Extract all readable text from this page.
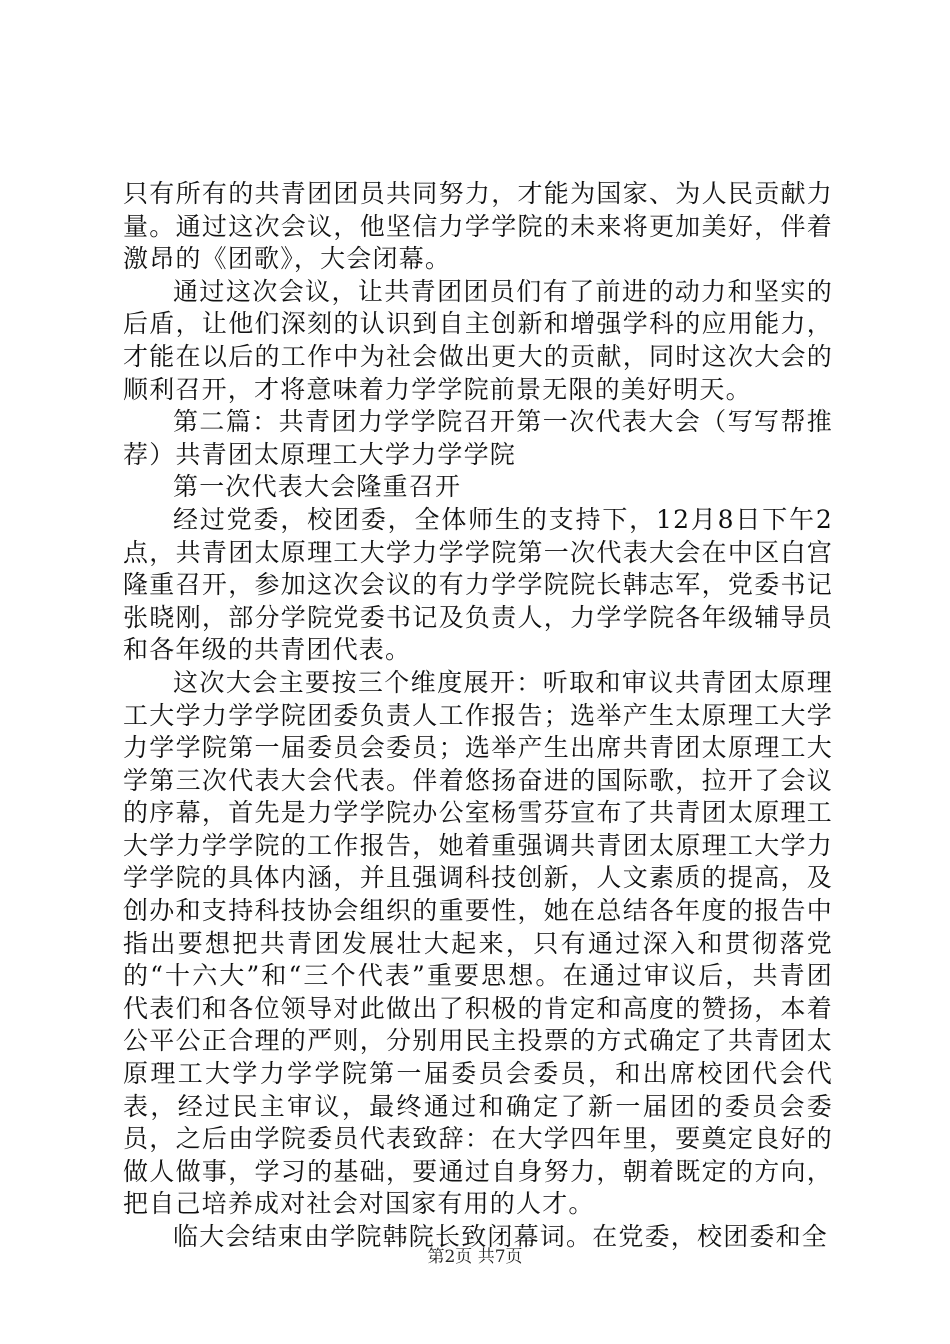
只有所有的共青团团员共同努力，才能为国家、为人民贡献力量。通过这次会议，他坚信力学学院的未来将更加美好，伴着激昂的《团歌》，大会闭幕。

通过这次会议，让共青团团员们有了前进的动力和坚实的后盾，让他们深刻的认识到自主创新和增强学科的应用能力，才能在以后的工作中为社会做出更大的贡献，同时这次大会的顺利召开，才将意味着力学学院前景无限的美好明天。

第二篇：共青团力学学院召开第一次代表大会（写写帮推荐）共青团太原理工大学力学学院

第一次代表大会隆重召开

经过党委，校团委，全体师生的支持下，12月8日下午2点，共青团太原理工大学力学学院第一次代表大会在中区白宫隆重召开，参加这次会议的有力学学院院长韩志军，党委书记张晓刚，部分学院党委书记及负责人，力学学院各年级辅导员和各年级的共青团代表。

这次大会主要按三个维度展开：听取和审议共青团太原理工大学力学学院团委负责人工作报告；选举产生太原理工大学力学学院第一届委员会委员；选举产生出席共青团太原理工大学第三次代表大会代表。伴着悠扬奋进的国际歌，拉开了会议的序幕，首先是力学学院办公室杨雪芬宣布了共青团太原理工大学力学学院的工作报告，她着重强调共青团太原理工大学力学学院的具体内涵，并且强调科技创新，人文素质的提高，及创办和支持科技协会组织的重要性，她在总结各年度的报告中指出要想把共青团发展壮大起来，只有通过深入和贯彻落党的“十六大”和“三个代表”重要思想。在通过审议后，共青团代表们和各位领导对此做出了积极的肯定和高度的赞扬，本着公平公正合理的严则，分别用民主投票的方式确定了共青团太原理工大学力学学院第一届委员会委员，和出席校团代会代表，经过民主审议，最终通过和确定了新一届团的委员会委员，之后由学院委员代表致辞：在大学四年里，要奠定良好的做人做事，学习的基础，要通过自身努力，朝着既定的方向，把自己培养成对社会对国家有用的人才。

临大会结束由学院韩院长致闭幕词。在党委，校团委和全

第2页 共7页
